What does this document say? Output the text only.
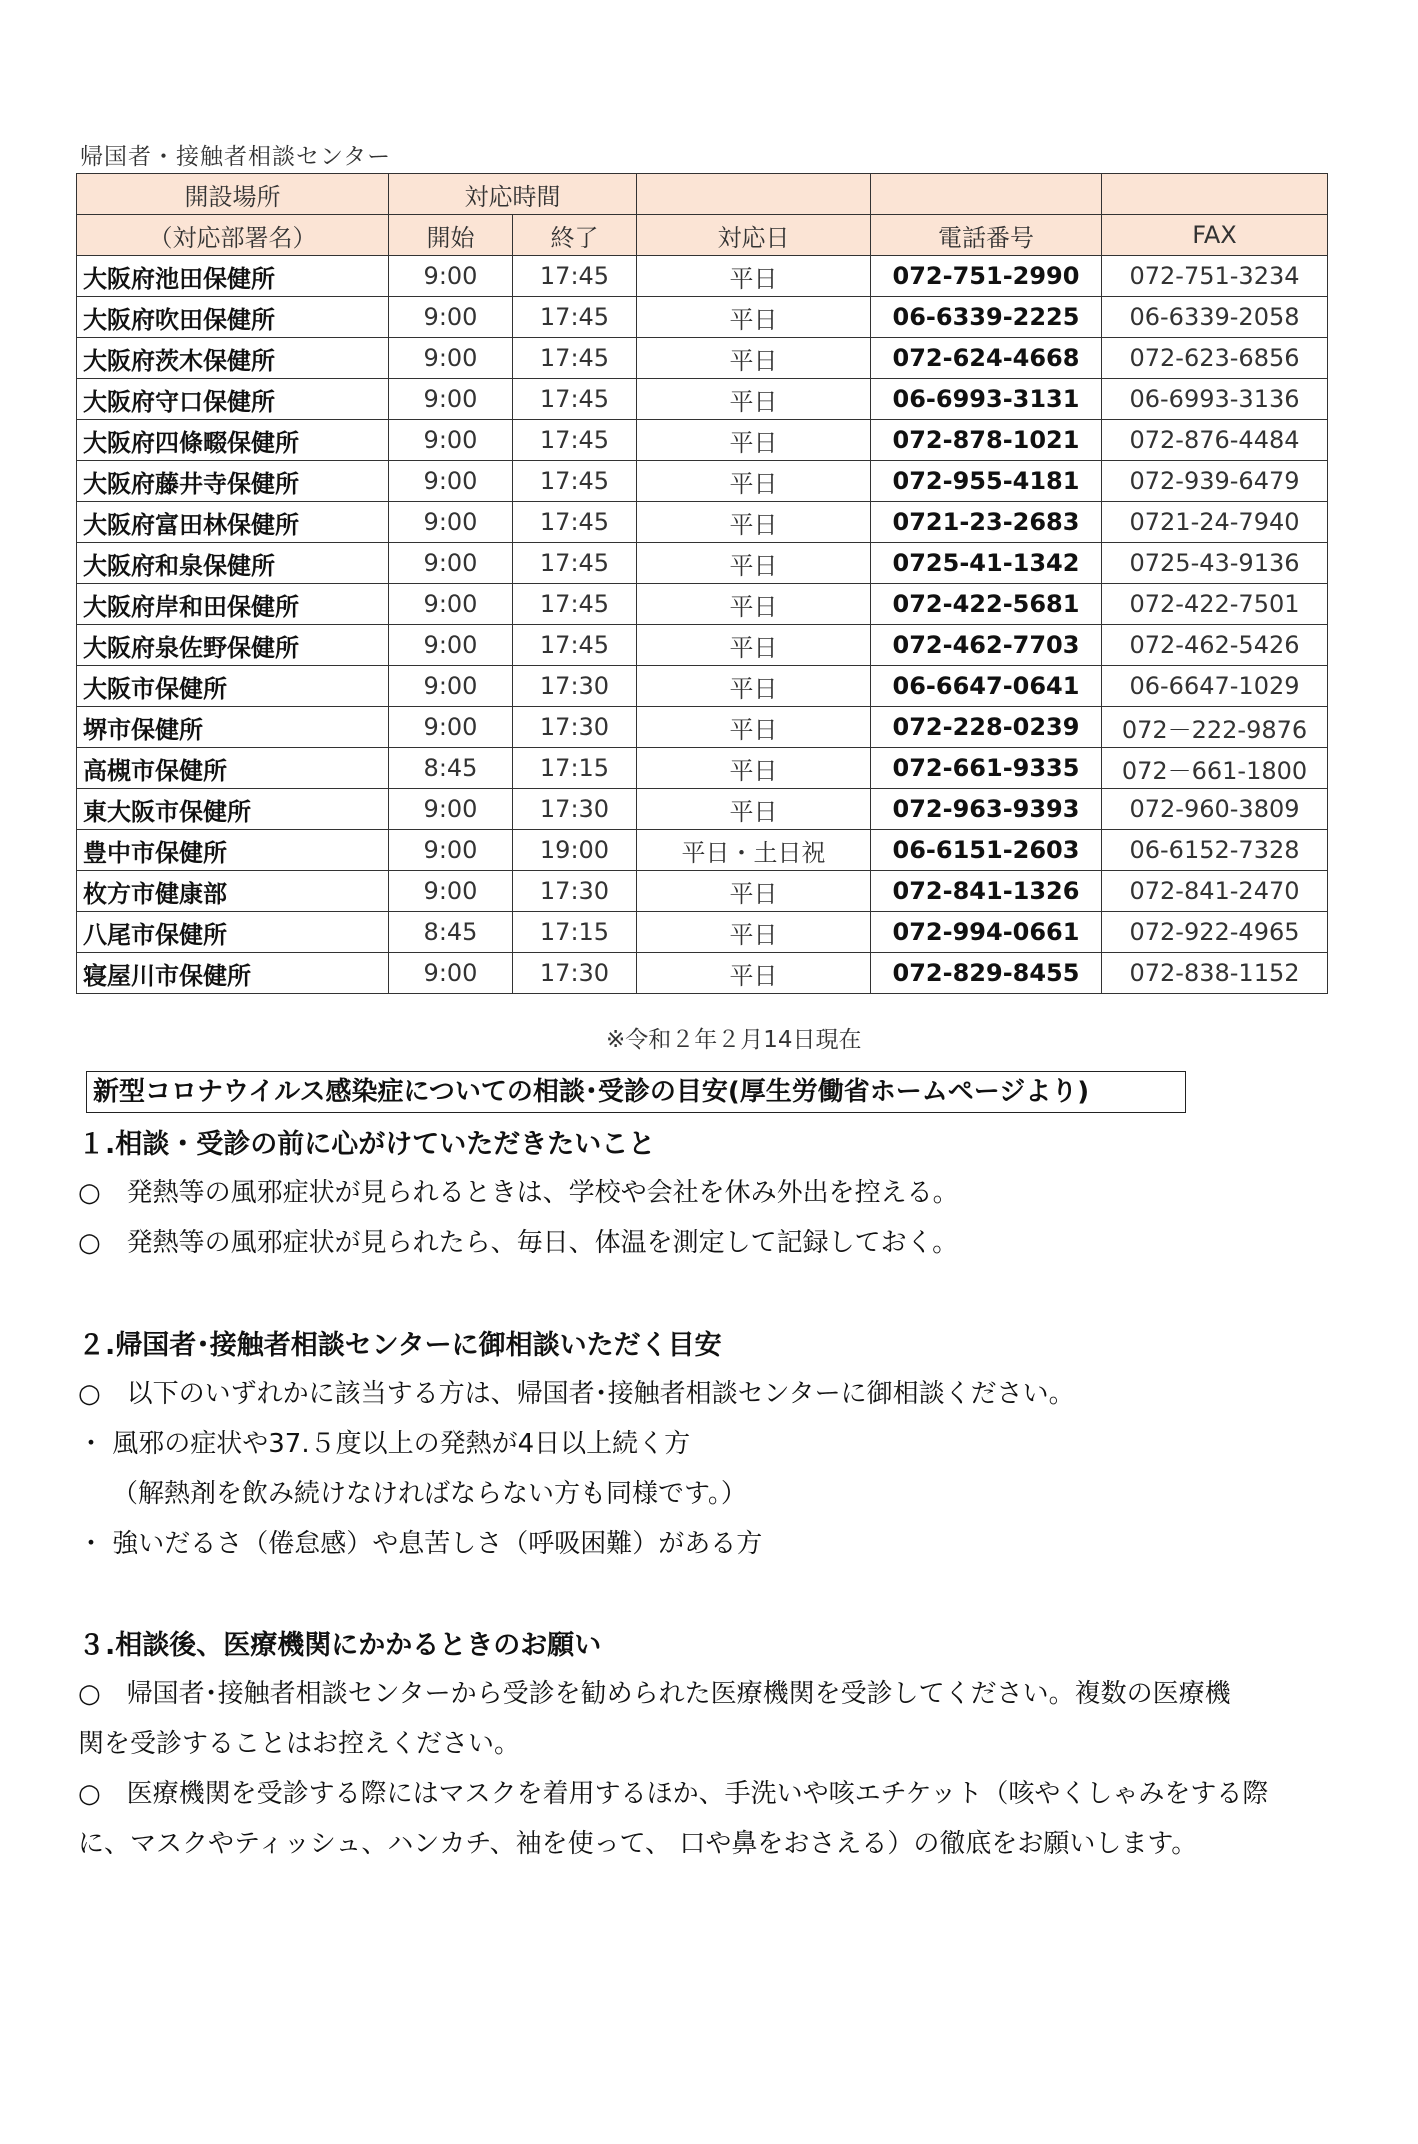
帰国者・接触者相談センター
開設場所	対応時間				
（対応部署名）	開始	終了	対応日	電話番号	FAX
大阪府池田保健所	9:00	17:45	平日	072-751-2990	072-751-3234
大阪府吹田保健所	9:00	17:45	平日	06-6339-2225	06-6339-2058
大阪府茨木保健所	9:00	17:45	平日	072-624-4668	072-623-6856
大阪府守口保健所	9:00	17:45	平日	06-6993-3131	06-6993-3136
大阪府四條畷保健所	9:00	17:45	平日	072-878-1021	072-876-4484
大阪府藤井寺保健所	9:00	17:45	平日	072-955-4181	072-939-6479
大阪府富田林保健所	9:00	17:45	平日	0721-23-2683	0721-24-7940
大阪府和泉保健所	9:00	17:45	平日	0725-41-1342	0725-43-9136
大阪府岸和田保健所	9:00	17:45	平日	072-422-5681	072-422-7501
大阪府泉佐野保健所	9:00	17:45	平日	072-462-7703	072-462-5426
大阪市保健所	9:00	17:30	平日	06-6647-0641	06-6647-1029
堺市保健所	9:00	17:30	平日	072-228-0239	072－222-9876
高槻市保健所	8:45	17:15	平日	072-661-9335	072－661-1800
東大阪市保健所	9:00	17:30	平日	072-963-9393	072-960-3809
豊中市保健所	9:00	19:00	平日・土日祝	06-6151-2603	06-6152-7328
枚方市健康部	9:00	17:30	平日	072-841-1326	072-841-2470
八尾市保健所	8:45	17:15	平日	072-994-0661	072-922-4965
寝屋川市保健所	9:00	17:30	平日	072-829-8455	072-838-1152
※令和２年２月14日現在
新型コロナウイルス感染症についての相談･受診の目安(厚生労働省ホームページより)
１.相談・受診の前に心がけていただきたいこと
○　発熱等の風邪症状が見られるときは、学校や会社を休み外出を控える。
○　発熱等の風邪症状が見られたら、毎日、体温を測定して記録しておく。
２.帰国者･接触者相談センターに御相談いただく目安
○　以下のいずれかに該当する方は、帰国者･接触者相談センターに御相談ください。
・ 風邪の症状や37.５度以上の発熱が4日以上続く方
（解熱剤を飲み続けなければならない方も同様です。）
・ 強いだるさ（倦怠感）や息苦しさ（呼吸困難）がある方
３.相談後、医療機関にかかるときのお願い
○　帰国者･接触者相談センターから受診を勧められた医療機関を受診してください。複数の医療機
関を受診することはお控えください。
○　医療機関を受診する際にはマスクを着用するほか、手洗いや咳エチケット（咳やくしゃみをする際
に、マスクやティッシュ、ハンカチ、袖を使って、 口や鼻をおさえる）の徹底をお願いします。
